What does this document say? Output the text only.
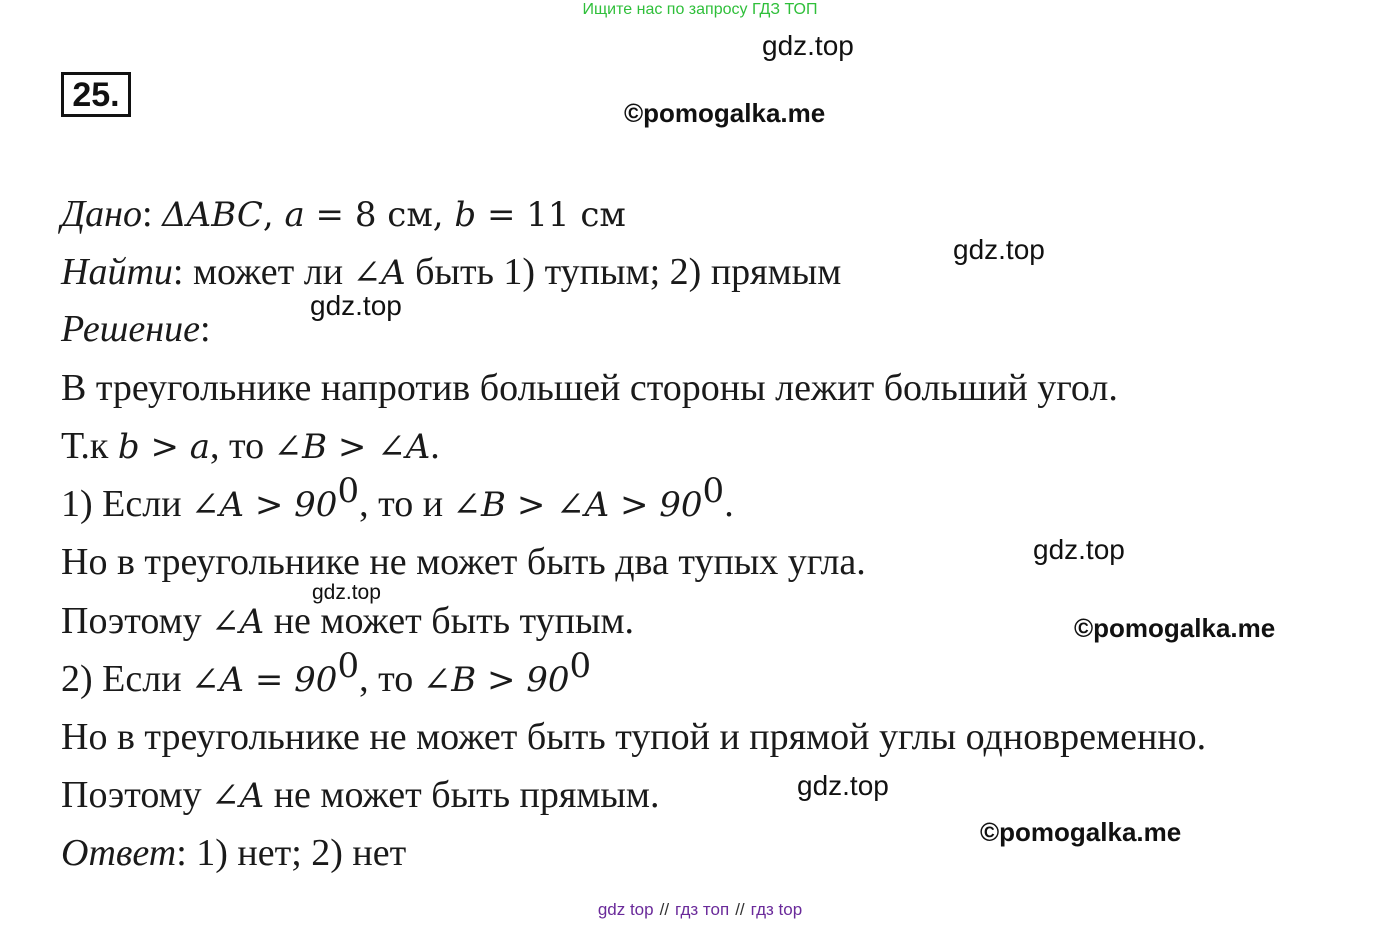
Ищите нас по запросу ГДЗ ТОП
gdz.top
25.	©pomogalka.me
Дано: ΔABC, a = 8 см, b = 11 см
gdz.top
Найти: может ли ∠A быть 1) тупым; 2) прямым
gdz.top
Решение:
В треугольнике напротив большей стороны лежит больший угол.
Т.к b > a, то ∠B > ∠A.
1) Если ∠A > $90^0$, то и ∠B > ∠A > $90^0$.
gdz.top
Но в треугольнике не может быть два тупых угла.
gdz.top
Поэтому ∠A не может быть тупым.	©pomogalka.me
2) Если ∠A = $90^0$, то ∠B > $90^0$
Но в треугольнике не может быть тупой и прямой углы одновременно.
gdz.top
Поэтому ∠A не может быть прямым.
©pomogalka.me
Ответ: 1) нет; 2) нет
gdz top // гдз топ // гдз top
